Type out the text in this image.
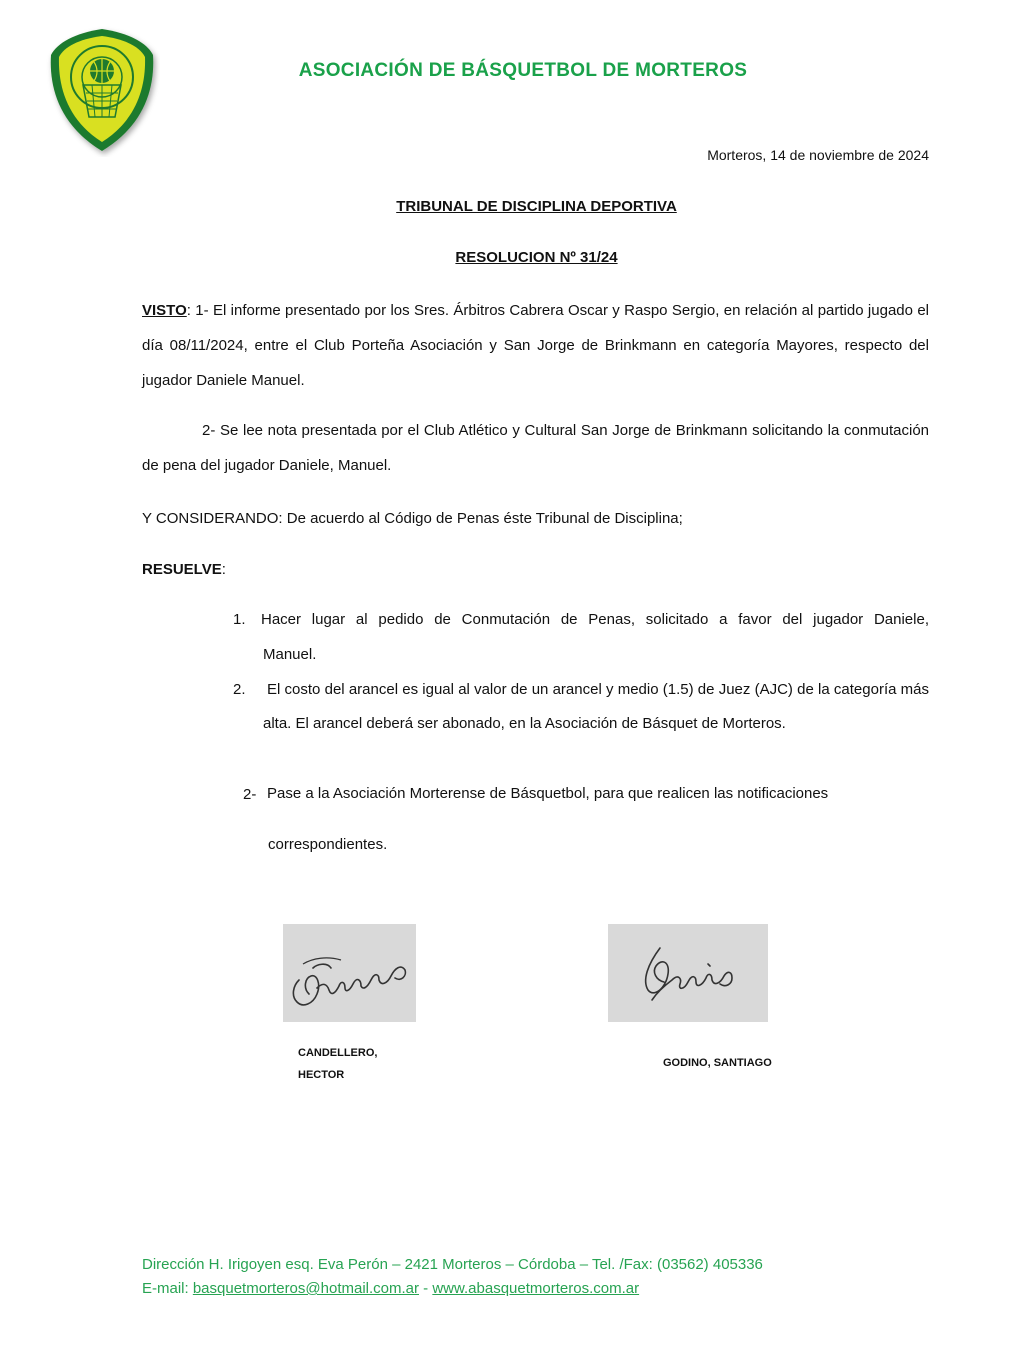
ASOCIACIÓN DE BÁSQUETBOL DE MORTEROS
Morteros, 14 de noviembre de 2024
TRIBUNAL DE DISCIPLINA DEPORTIVA
RESOLUCION Nº 31/24
VISTO: 1- El informe presentado por los Sres. Árbitros Cabrera Oscar y Raspo Sergio, en relación al partido jugado el día 08/11/2024, entre el Club Porteña Asociación y San Jorge de Brinkmann en categoría Mayores, respecto del jugador Daniele Manuel.
2- Se lee nota presentada por el Club Atlético y Cultural San Jorge de Brinkmann solicitando la conmutación de pena del jugador Daniele, Manuel.
Y CONSIDERANDO: De acuerdo al Código de Penas éste Tribunal de Disciplina;
RESUELVE:
1. Hacer lugar al pedido de Conmutación de Penas, solicitado a favor del jugador Daniele,
Manuel.
2. El costo del arancel es igual al valor de un arancel y medio (1.5) de Juez (AJC) de la categoría más alta. El arancel deberá ser abonado, en la Asociación de Básquet de Morteros.
2- Pase a la Asociación Morterense de Básquetbol, para que realicen las notificaciones
correspondientes.
CANDELLERO,
HECTOR
GODINO, SANTIAGO
Dirección H. Irigoyen esq. Eva Perón – 2421 Morteros – Córdoba – Tel. /Fax: (03562) 405336
E-mail: basquetmorteros@hotmail.com.ar - www.abasquetmorteros.com.ar
